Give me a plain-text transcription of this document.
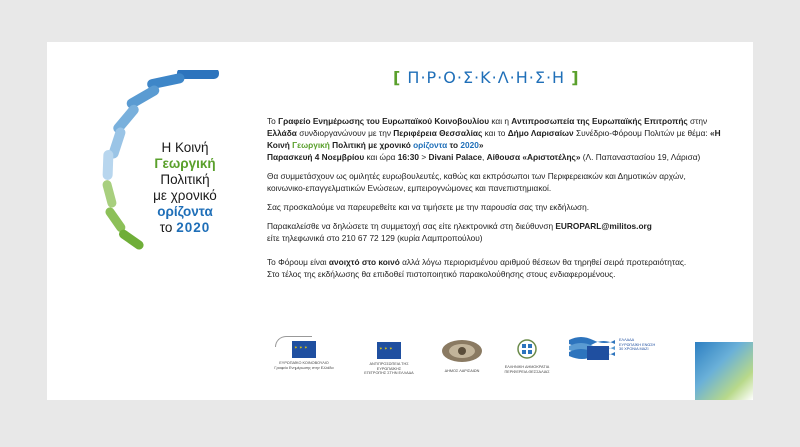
Η Κοινή
Γεωργική
Πολιτική
με χρονικό
ορίζοντα
το 2020
[ Π·Ρ·Ο·Σ·Κ·Λ·Η·Σ·Η ]

Το Γραφείο Ενημέρωσης του Ευρωπαϊκού Κοινοβουλίου και η Αντιπροσωπεία της Ευρωπαϊκής Επιτροπής στην Ελλάδα συνδιοργανώνουν με την Περιφέρεια Θεσσαλίας και το Δήμο Λαρισαίων Συνέδριο-Φόρουμ Πολιτών με θέμα: «Η Κοινή Γεωργική Πολιτική με χρονικό ορίζοντα το 2020»
Παρασκευή 4 Νοεμβρίου και ώρα 16:30 > Divani Palace, Αίθουσα «Αριστοτέλης» (Λ. Παπαναστασίου 19, Λάρισα)

Θα συμμετάσχουν ως ομιλητές ευρωβουλευτές, καθώς και εκπρόσωποι των Περιφερειακών και Δημοτικών αρχών, κοινωνικο-επαγγελματικών Ενώσεων, εμπειρογνώμονες και πανεπιστημιακοί.

Σας προσκαλούμε να παρευρεθείτε και να τιμήσετε με την παρουσία σας την εκδήλωση.

Παρακαλείσθε να δηλώσετε τη συμμετοχή σας είτε ηλεκτρονικά στη διεύθυνση EUROPARL@militos.org
είτε τηλεφωνικά στο 210 67 72 129 (κυρία Λαμπροπούλου)

Το Φόρουμ είναι ανοιχτό στο κοινό αλλά λόγω περιορισμένου αριθμού θέσεων θα τηρηθεί σειρά προτεραιότητας.
Στο τέλος της εκδήλωσης θα επιδοθεί πιστοποιητικό παρακολούθησης στους ενδιαφερομένους.

✶ ✶ ✶
ΕΥΡΩΠΑΪΚΟ ΚΟΙΝΟΒΟΥΛΙΟ
Γραφείο Ενημέρωσης στην Ελλάδα
✶ ✶ ✶
ΑΝΤΙΠΡΟΣΩΠΕΙΑ ΤΗΣ ΕΥΡΩΠΑΪΚΗΣ
ΕΠΙΤΡΟΠΗΣ ΣΤΗΝ ΕΛΛΑΔΑ	ΔΗΜΟΣ ΛΑΡΙΣΑΙΩΝ
ΕΛΛΗΝΙΚΗ ΔΗΜΟΚΡΑΤΙΑ
ΠΕΡΙΦΕΡΕΙΑ ΘΕΣΣΑΛΙΑΣ
ΕΛΛΑΔΑ
ΕΥΡΩΠΑΪΚΗ ΕΝΩΣΗ
30 ΧΡΟΝΙΑ ΜΑΖΙ
